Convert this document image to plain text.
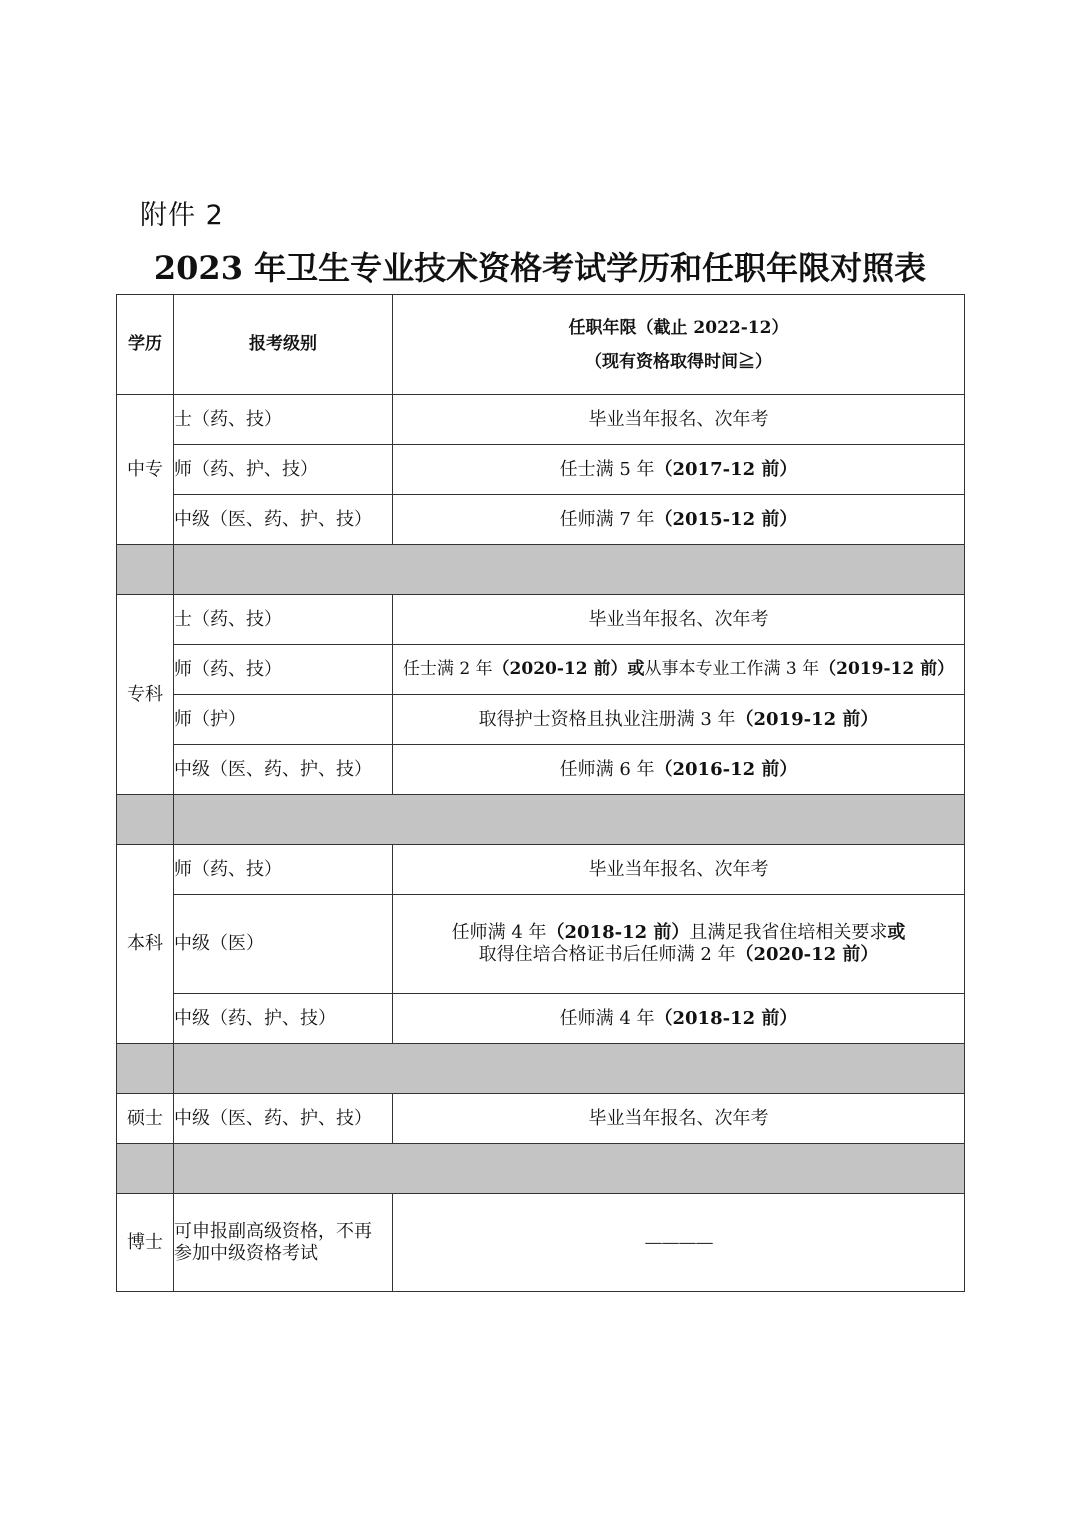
附件 2
2023 年卫生专业技术资格考试学历和任职年限对照表
学历	报考级别	任职年限（截止 2022-12）
（现有资格取得时间≧）

中专	士（药、技）	毕业当年报名、次年考
	师（药、护、技）	任士满 5 年（2017-12 前）
	中级（医、药、护、技）	任师满 7 年（2015-12 前）

专科	士（药、技）	毕业当年报名、次年考
	师（药、技）	任士满 2 年（2020-12 前）或从事本专业工作满 3 年（2019-12 前）
	师（护）	取得护士资格且执业注册满 3 年（2019-12 前）
	中级（医、药、护、技）	任师满 6 年（2016-12 前）

本科	师（药、技）	毕业当年报名、次年考
	中级（医）	任师满 4 年（2018-12 前）且满足我省住培相关要求或
取得住培合格证书后任师满 2 年（2020-12 前）

	中级（药、护、技）	任师满 4 年（2018-12 前）

硕士	中级（医、药、护、技）	毕业当年报名、次年考

博士	可申报副高级资格，不再
参加中级资格考试	————
